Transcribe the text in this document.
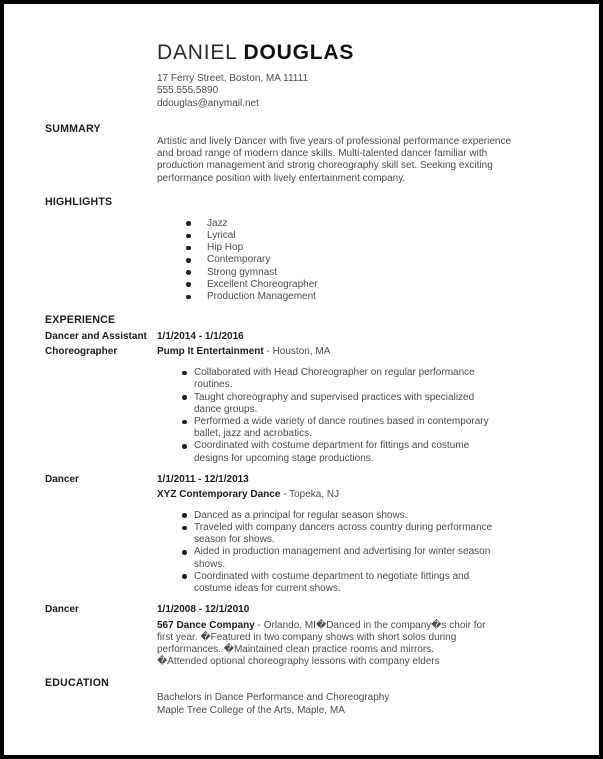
DANIEL DOUGLAS
17 Ferry Street, Boston, MA 11111
555.555.5890
ddouglas@anymail.net
SUMMARY

Artistic and lively Dancer with five years of professional performance experience and broad range of modern dance skills. Multi-talented dancer familiar with production management and strong choreography skill set. Seeking exciting performance position with lively entertainment company.

HIGHLIGHTS
Jazz
Lyrical
Hip Hop
Contemporary
Strong gymnast
Excellent Choreographer
Production Management
EXPERIENCE
Dancer and Assistant Choreographer
1/1/2014 - 1/1/2016
Pump It Entertainment - Houston, MA
Collaborated with Head Choreographer on regular performance routines.
Taught choreography and supervised practices with specialized dance groups.
Performed a wide variety of dance routines based in contemporary ballet, jazz and acrobatics.
Coordinated with costume department for fittings and costume designs for upcoming stage productions.
Dancer	1/1/2011 - 12/1/2013
XYZ Contemporary Dance - Topeka, NJ
Danced as a principal for regular season shows.
Traveled with company dancers across country during performance season for shows.
Aided in production management and advertising for winter season shows.
Coordinated with costume department to negotiate fittings and costume ideas for current shows.
Dancer	1/1/2008 - 12/1/2010

567 Dance Company - Orlando, MI�Danced in the company�s choir for first year. �Featured in two company shows with short solos during performances. �Maintained clean practice rooms and mirrors.

�Attended optional choreography lessons with company elders

EDUCATION
Bachelors in Dance Performance and Choreography
Maple Tree College of the Arts, Maple, MA
